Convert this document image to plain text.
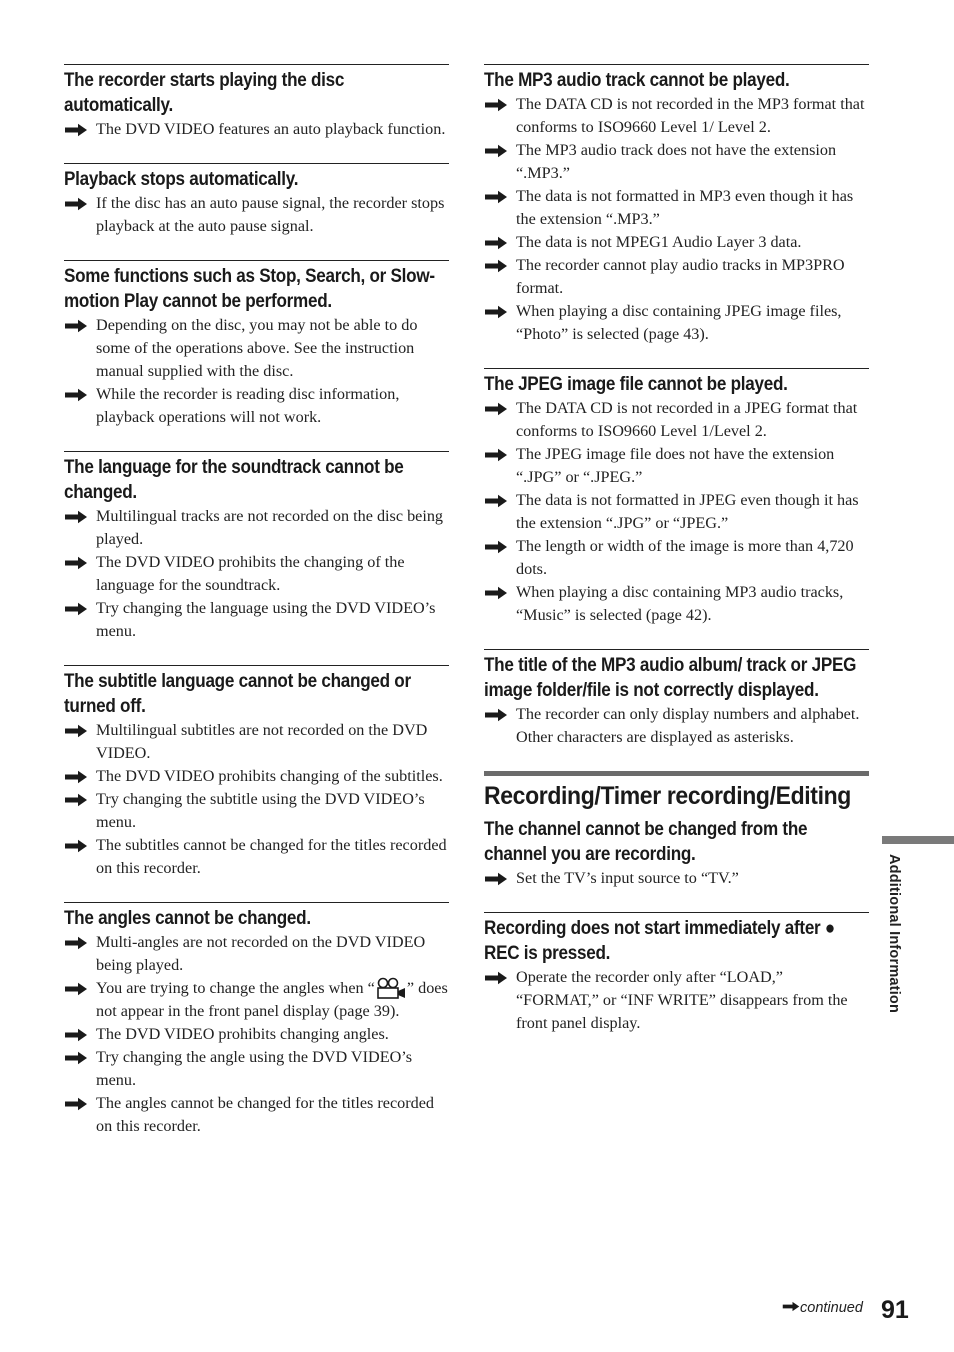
The recorder starts playing the disc automatically.
The DVD VIDEO features an auto playback function.
Playback stops automatically.
If the disc has an auto pause signal, the recorder stops playback at the auto pause signal.
Some functions such as Stop, Search, or Slow-motion Play cannot be performed.
Depending on the disc, you may not be able to do some of the operations above. See the instruction manual supplied with the disc.
While the recorder is reading disc information, playback operations will not work.
The language for the soundtrack cannot be changed.
Multilingual tracks are not recorded on the disc being played.
The DVD VIDEO prohibits the changing of the language for the soundtrack.
Try changing the language using the DVD VIDEO’s menu.
The subtitle language cannot be changed or turned off.
Multilingual subtitles are not recorded on the DVD VIDEO.
The DVD VIDEO prohibits changing of the subtitles.
Try changing the subtitle using the DVD VIDEO’s menu.
The subtitles cannot be changed for the titles recorded on this recorder.
The angles cannot be changed.
Multi-angles are not recorded on the DVD VIDEO being played.
You are trying to change the angles when “ ” does not appear in the front panel display (page 39).
The DVD VIDEO prohibits changing angles.
Try changing the angle using the DVD VIDEO’s menu.
The angles cannot be changed for the titles recorded on this recorder.
The MP3 audio track cannot be played.
The DATA CD is not recorded in the MP3 format that conforms to ISO9660 Level 1/ Level 2.
The MP3 audio track does not have the extension “.MP3.”
The data is not formatted in MP3 even though it has the extension “.MP3.”
The data is not MPEG1 Audio Layer 3 data.
The recorder cannot play audio tracks in MP3PRO format.
When playing a disc containing JPEG image files, “Photo” is selected (page 43).
The JPEG image file cannot be played.
The DATA CD is not recorded in a JPEG format that conforms to ISO9660 Level 1/Level 2.
The JPEG image file does not have the extension “.JPG” or “.JPEG.”
The data is not formatted in JPEG even though it has the extension “.JPG” or “JPEG.”
The length or width of the image is more than 4,720 dots.
When playing a disc containing MP3 audio tracks, “Music” is selected (page 42).
The title of the MP3 audio album/ track or JPEG image folder/file is not correctly displayed.
The recorder can only display numbers and alphabet. Other characters are displayed as asterisks.
Recording/Timer recording/Editing
The channel cannot be changed from the channel you are recording.
Set the TV’s input source to “TV.”
Recording does not start immediately after ● REC is pressed.
Operate the recorder only after “LOAD,” “FORMAT,” or “INF WRITE” disappears from the front panel display.
Additional Information
continued 91
